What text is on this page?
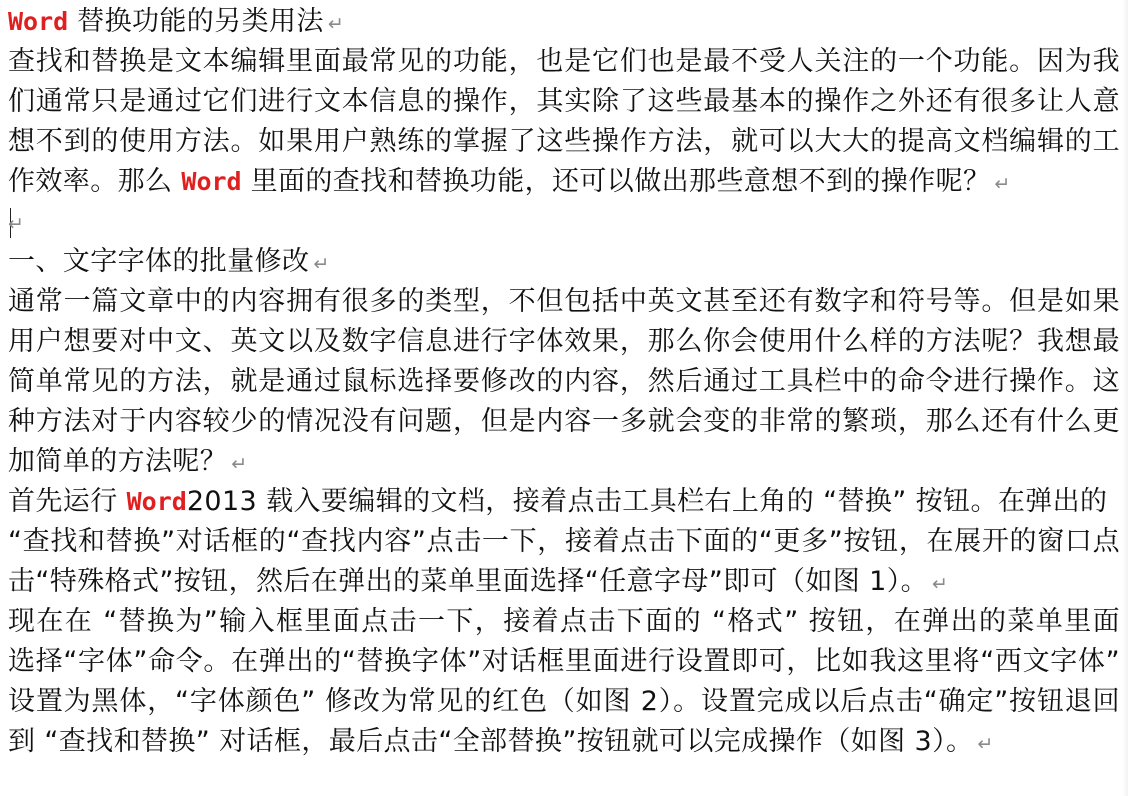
Word 替换功能的另类用法 ↵
查找和替换是文本编辑里面最常见的功能，也是它们也是最不受人关注的一个功能。因为我
们通常只是通过它们进行文本信息的操作，其实除了这些最基本的操作之外还有很多让人意
想不到的使用方法。如果用户熟练的掌握了这些操作方法，就可以大大的提高文档编辑的工
作效率。那么 Word 里面的查找和替换功能，还可以做出那些意想不到的操作呢？ ↵
↵
一、文字字体的批量修改 ↵
通常一篇文章中的内容拥有很多的类型，不但包括中英文甚至还有数字和符号等。但是如果
用户想要对中文、英文以及数字信息进行字体效果，那么你会使用什么样的方法呢？我想最
简单常见的方法，就是通过鼠标选择要修改的内容，然后通过工具栏中的命令进行操作。这
种方法对于内容较少的情况没有问题，但是内容一多就会变的非常的繁琐，那么还有什么更
加简单的方法呢？ ↵
首先运行 Word2013 载入要编辑的文档，接着点击工具栏右上角的 “替换” 按钮。在弹出的
“查找和替换”对话框的“查找内容”点击一下，接着点击下面的“更多”按钮，在展开的窗口点
击“特殊格式”按钮，然后在弹出的菜单里面选择“任意字母”即可（如图 1）。 ↵
现在在 “替换为”输入框里面点击一下，接着点击下面的 “格式” 按钮，在弹出的菜单里面
选择“字体”命令。在弹出的“替换字体”对话框里面进行设置即可，比如我这里将“西文字体”
设置为黑体，“字体颜色” 修改为常见的红色（如图 2）。设置完成以后点击“确定”按钮退回
到 “查找和替换” 对话框，最后点击“全部替换”按钮就可以完成操作（如图 3）。 ↵
